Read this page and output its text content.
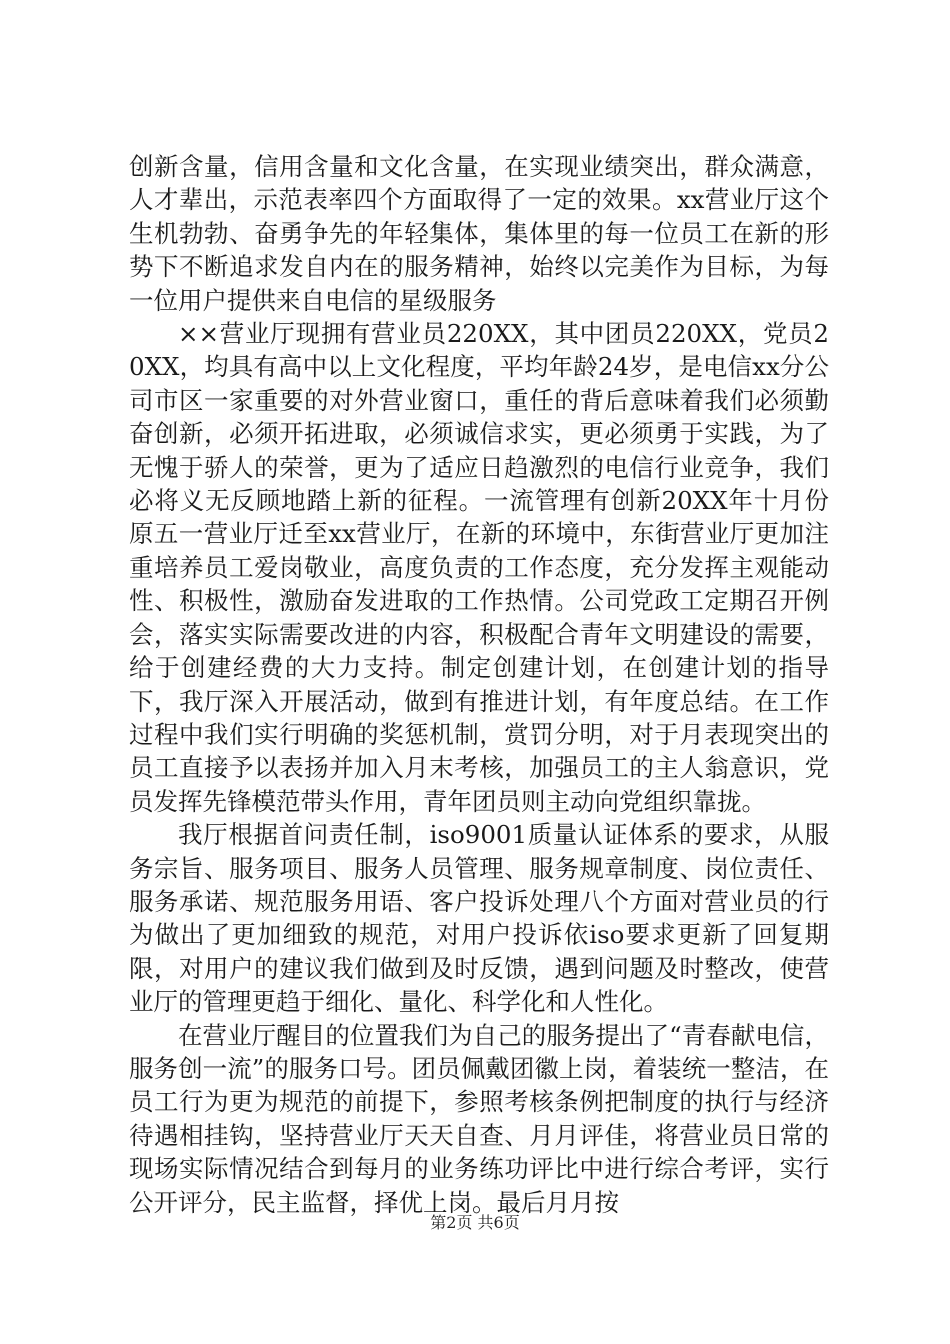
创新含量，信用含量和文化含量，在实现业绩突出，群众满意，人才辈出，示范表率四个方面取得了一定的效果。xx营业厅这个生机勃勃、奋勇争先的年轻集体，集体里的每一位员工在新的形势下不断追求发自内在的服务精神，始终以完美作为目标，为每一位用户提供来自电信的星级服务

××营业厅现拥有营业员220XX，其中团员220XX，党员20XX，均具有高中以上文化程度，平均年龄24岁，是电信xx分公司市区一家重要的对外营业窗口，重任的背后意味着我们必须勤奋创新，必须开拓进取，必须诚信求实，更必须勇于实践，为了无愧于骄人的荣誉，更为了适应日趋激烈的电信行业竞争，我们必将义无反顾地踏上新的征程。一流管理有创新20XX年十月份原五一营业厅迁至xx营业厅，在新的环境中，东街营业厅更加注重培养员工爱岗敬业，高度负责的工作态度，充分发挥主观能动性、积极性，激励奋发进取的工作热情。公司党政工定期召开例会，落实实际需要改进的内容，积极配合青年文明建设的需要，给于创建经费的大力支持。制定创建计划，在创建计划的指导下，我厅深入开展活动，做到有推进计划，有年度总结。在工作过程中我们实行明确的奖惩机制，赏罚分明，对于月表现突出的员工直接予以表扬并加入月末考核，加强员工的主人翁意识，党员发挥先锋模范带头作用，青年团员则主动向党组织靠拢。

我厅根据首问责任制，iso9001质量认证体系的要求，从服务宗旨、服务项目、服务人员管理、服务规章制度、岗位责任、服务承诺、规范服务用语、客户投诉处理八个方面对营业员的行为做出了更加细致的规范，对用户投诉依iso要求更新了回复期限，对用户的建议我们做到及时反馈，遇到问题及时整改，使营业厅的管理更趋于细化、量化、科学化和人性化。

在营业厅醒目的位置我们为自己的服务提出了“青春献电信，服务创一流”的服务口号。团员佩戴团徽上岗，着装统一整洁，在员工行为更为规范的前提下，参照考核条例把制度的执行与经济待遇相挂钩，坚持营业厅天天自查、月月评佳，将营业员日常的现场实际情况结合到每月的业务练功评比中进行综合考评，实行公开评分，民主监督，择优上岗。最后月月按

第2页 共6页
